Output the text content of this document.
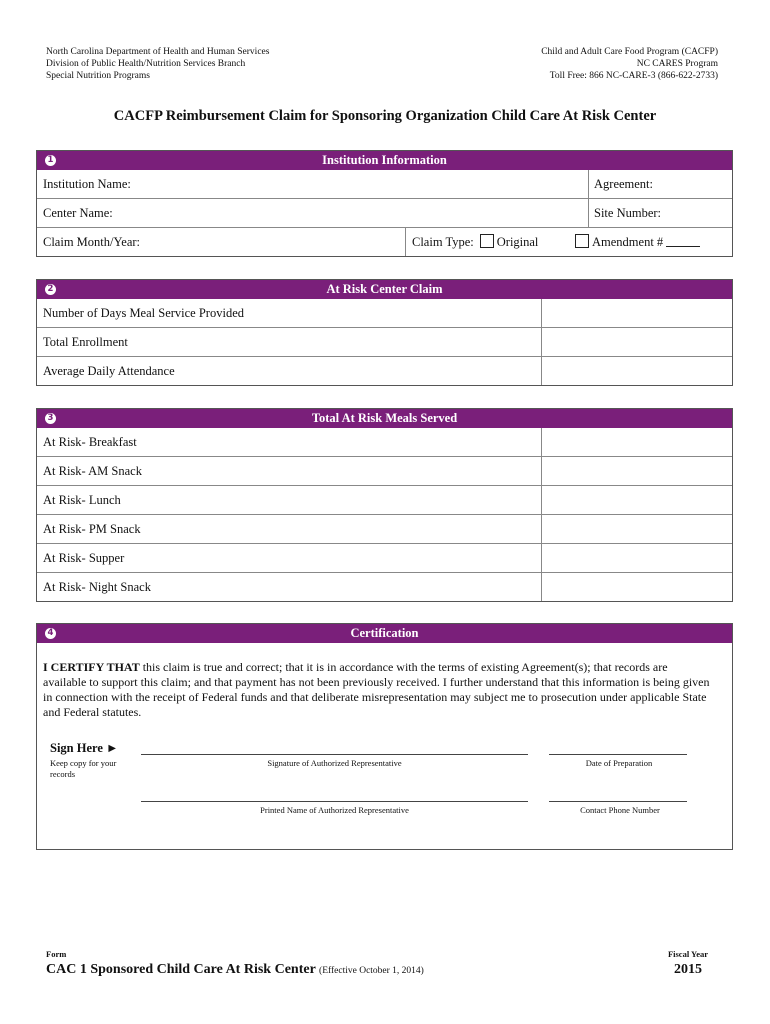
North Carolina Department of Health and Human Services
Division of Public Health/Nutrition Services Branch
Special Nutrition Programs
Child and Adult Care Food Program (CACFP)
NC CARES Program
Toll Free: 866 NC-CARE-3 (866-622-2733)
CACFP Reimbursement Claim for Sponsoring Organization Child Care At Risk Center
1	Institution Information
Institution Name:	Agreement:
Center Name:	Site Number:
Claim Month/Year:	Claim Type: Original	Amendment #
2	At Risk Center Claim
Number of Days Meal Service Provided
Total Enrollment
Average Daily Attendance
3	Total At Risk Meals Served
At Risk- Breakfast
At Risk- AM Snack
At Risk- Lunch
At Risk- PM Snack
At Risk- Supper
At Risk- Night Snack
4	Certification
I CERTIFY THAT this claim is true and correct; that it is in accordance with the terms of existing Agreement(s); that records are available to support this claim; and that payment has not been previously received. I further understand that this information is being given in connection with the receipt of Federal funds and that deliberate misrepresentation may subject me to prosecution under applicable State and Federal statutes.
Sign Here ►
Keep copy for your records
Signature of Authorized Representative	Date of Preparation
Printed Name of Authorized Representative	Contact Phone Number
Form
CAC 1 Sponsored Child Care At Risk Center (Effective October 1, 2014)
Fiscal Year
2015
